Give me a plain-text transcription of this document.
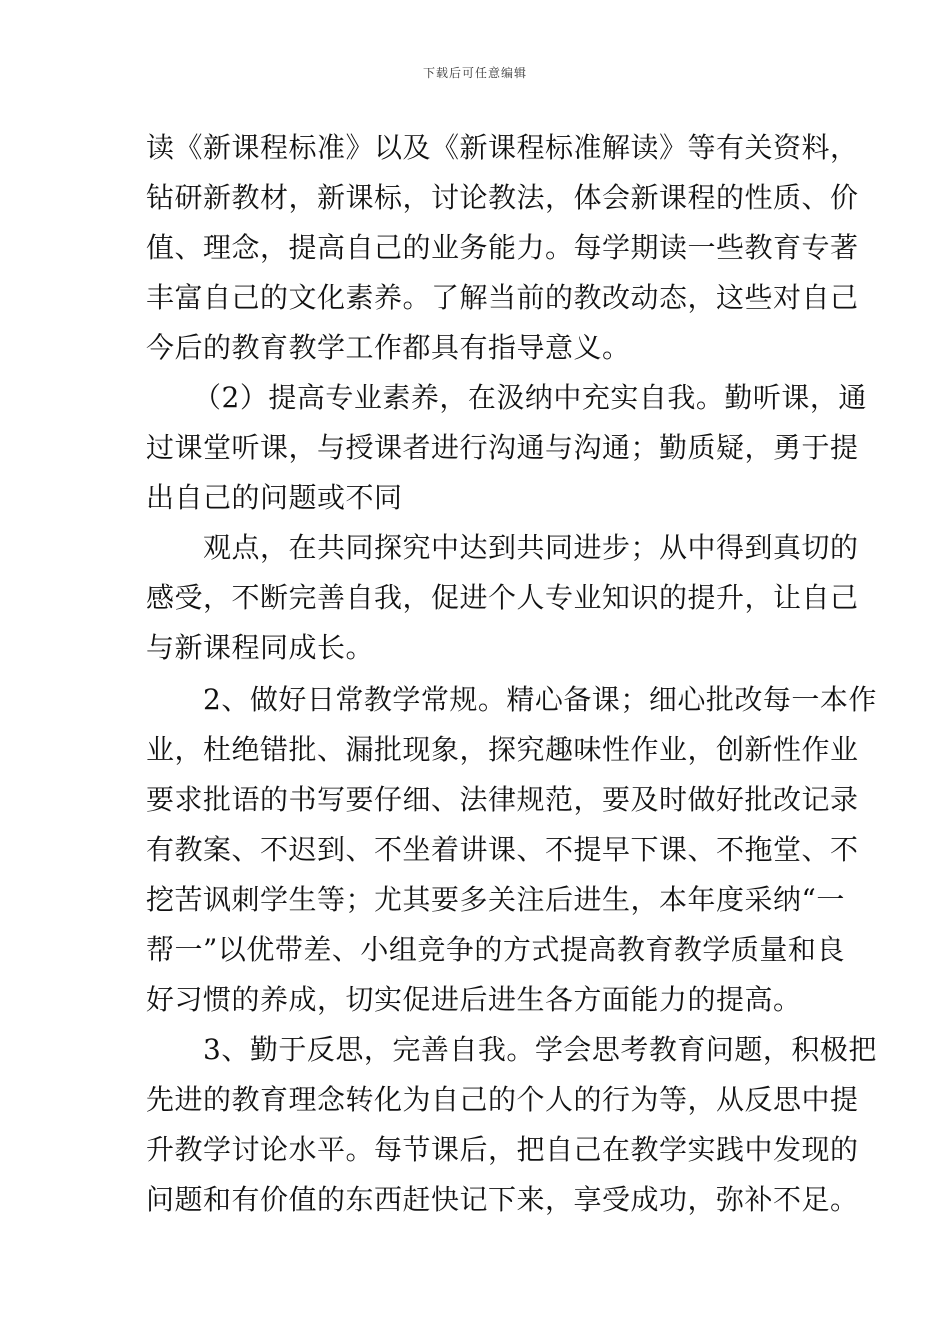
下载后可任意编辑
读《新课程标准》以及《新课程标准解读》等有关资料，
钻研新教材，新课标，讨论教法，体会新课程的性质、价
值、理念，提高自己的业务能力。每学期读一些教育专著
丰富自己的文化素养。了解当前的教改动态，这些对自己
今后的教育教学工作都具有指导意义。
（2）提高专业素养，在汲纳中充实自我。勤听课，通
过课堂听课，与授课者进行沟通与沟通；勤质疑，勇于提
出自己的问题或不同
观点，在共同探究中达到共同进步；从中得到真切的
感受，不断完善自我，促进个人专业知识的提升，让自己
与新课程同成长。
2、做好日常教学常规。精心备课；细心批改每一本作
业，杜绝错批、漏批现象，探究趣味性作业，创新性作业
要求批语的书写要仔细、法律规范，要及时做好批改记录
有教案、不迟到、不坐着讲课、不提早下课、不拖堂、不
挖苦讽刺学生等；尤其要多关注后进生，本年度采纳“一
帮一”以优带差、小组竞争的方式提高教育教学质量和良
好习惯的养成，切实促进后进生各方面能力的提高。
3、勤于反思，完善自我。学会思考教育问题，积极把
先进的教育理念转化为自己的个人的行为等，从反思中提
升教学讨论水平。每节课后，把自己在教学实践中发现的
问题和有价值的东西赶快记下来，享受成功，弥补不足。
